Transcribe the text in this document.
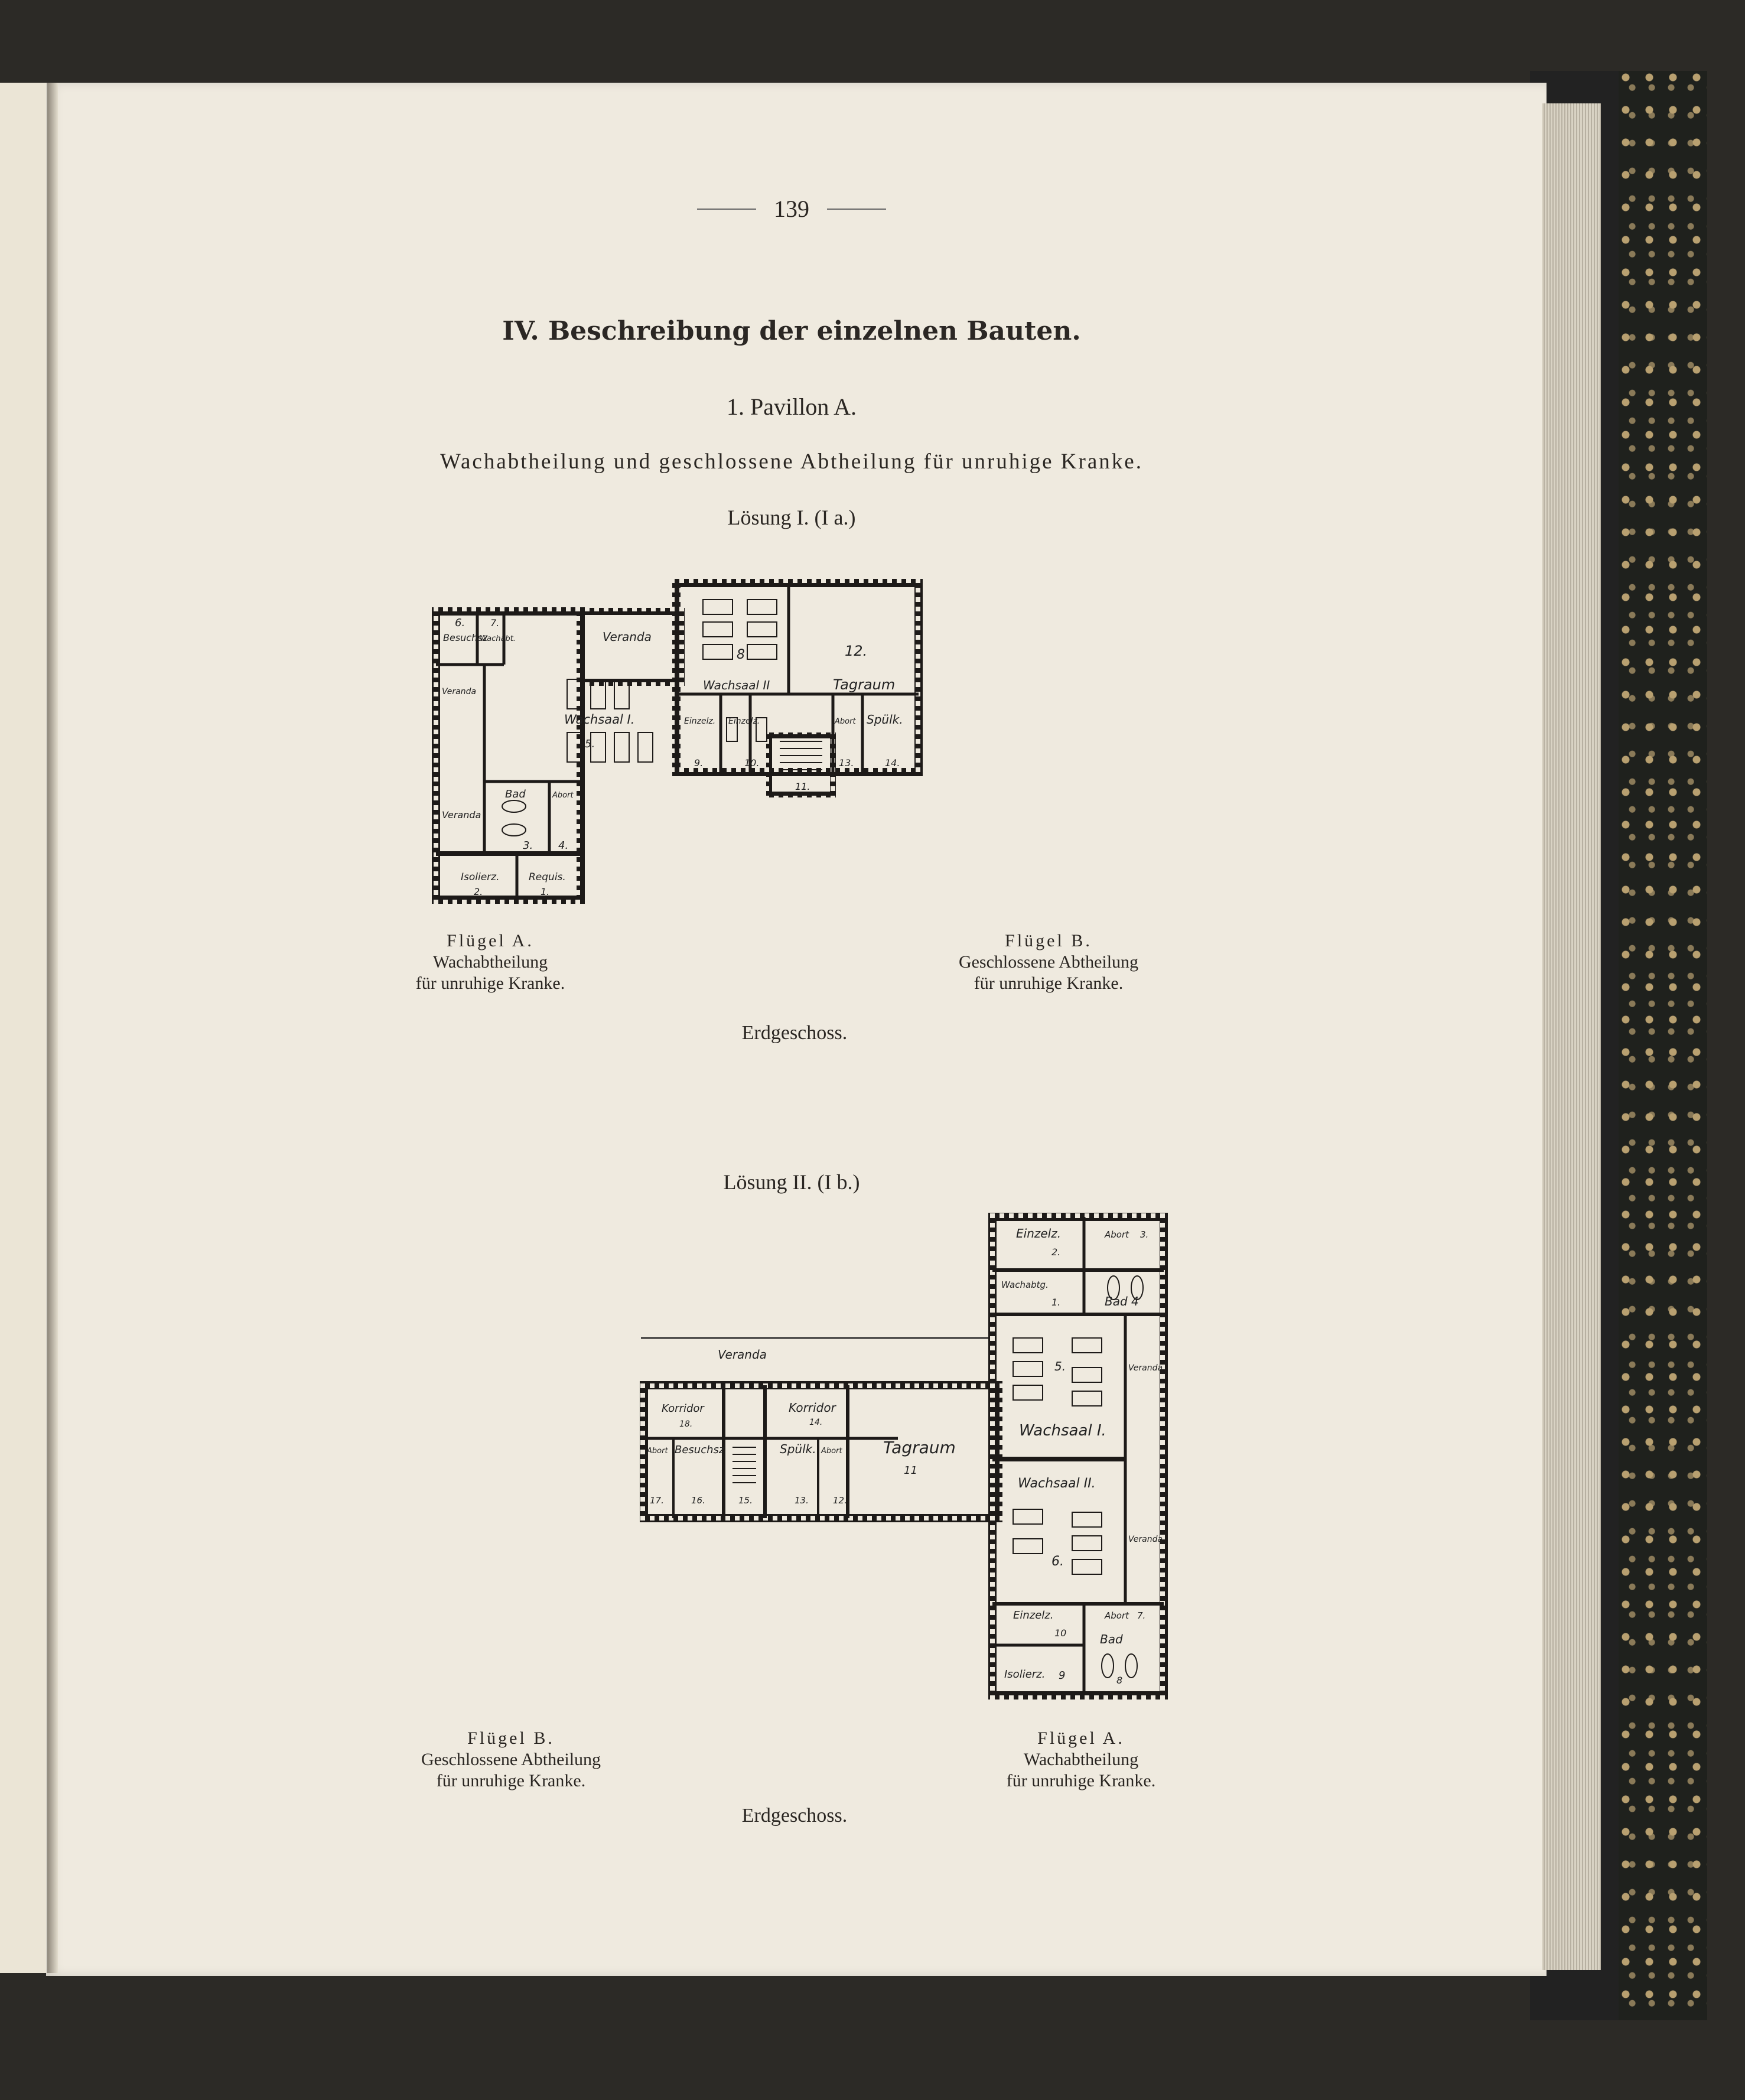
139
IV. Beschreibung der einzelnen Bauten.
1. Pavillon A.
Wachabtheilung und geschlossene Abtheilung für unruhige Kranke.
Lösung I. (I a.)
6.
Besuchsz
7.
Wachabt.	Veranda
Veranda
Veranda
Wachsaal I.
5.
Bad	Abort
3. 4.
Isolierz.
2.
Requis.
1.
8
Wachsaal II
12.
Tagraum
Einzelz. Einzelz.
9.	10.
11.
Abort Spülk.
13.	14.
Flügel A.
Wachabtheilung
für unruhige Kranke.
Flügel B.
Geschlossene Abtheilung
für unruhige Kranke.
Erdgeschoss.
Lösung II. (I b.)
Veranda
Korridor
18.
Korridor
14.
Abort Besuchsz	Spülk. Abort
17.	16.	15.	13.	12.
Tagraum
11
Einzelz.
2.
Abort 3.
Wachabtg.
1.	Bad 4
5.
Wachsaal I.
Veranda
Wachsaal II.
6.
Veranda
Einzelz.
10
Abort 7.
Isolierz. 9
Bad
8
Flügel B.
Geschlossene Abtheilung
für unruhige Kranke.
Flügel A.
Wachabtheilung
für unruhige Kranke.
Erdgeschoss.
